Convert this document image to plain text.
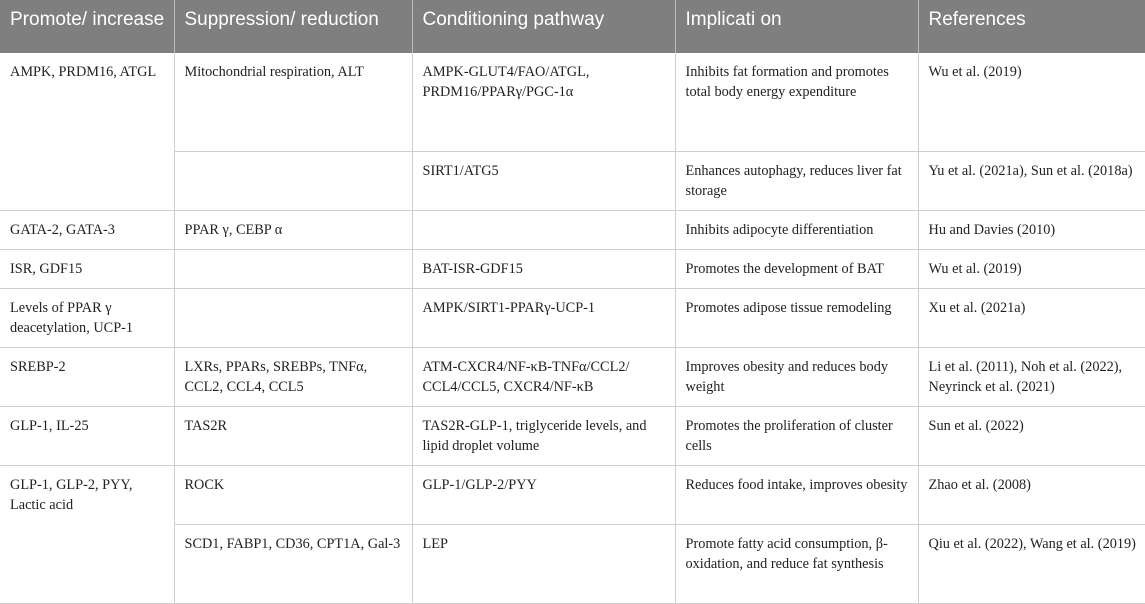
Promote/ increase	Suppression/ reduction	Conditioning pathway	Implicati on	References
AMPK, PRDM16, ATGL	Mitochondrial respiration, ALT	AMPK-GLUT4/FAO/ATGL, PRDM16/PPARγ/PGC-1α	Inhibits fat formation and promotes total body energy expenditure	Wu et al. (2019)
		SIRT1/ATG5	Enhances autophagy, reduces liver fat storage	Yu et al. (2021a), Sun et al. (2018a)
GATA-2, GATA-3	PPAR γ, CEBP α		Inhibits adipocyte differentiation	Hu and Davies (2010)
ISR, GDF15		BAT-ISR-GDF15	Promotes the development of BAT	Wu et al. (2019)
Levels of PPAR γ deacetylation, UCP-1		AMPK/SIRT1-PPARγ-UCP-1	Promotes adipose tissue remodeling	Xu et al. (2021a)
SREBP-2	LXRs, PPARs, SREBPs, TNFα, CCL2, CCL4, CCL5	ATM-CXCR4/NF-κB-TNFα/CCL2/ CCL4/CCL5, CXCR4/NF-κB	Improves obesity and reduces body weight	Li et al. (2011), Noh et al. (2022), Neyrinck et al. (2021)
GLP-1, IL-25	TAS2R	TAS2R-GLP-1, triglyceride levels, and lipid droplet volume	Promotes the proliferation of cluster cells	Sun et al. (2022)
GLP-1, GLP-2, PYY, Lactic acid	ROCK	GLP-1/GLP-2/PYY	Reduces food intake, improves obesity	Zhao et al. (2008)
	SCD1, FABP1, CD36, CPT1A, Gal-3	LEP	Promote fatty acid consumption, β-oxidation, and reduce fat synthesis	Qiu et al. (2022), Wang et al. (2019)
